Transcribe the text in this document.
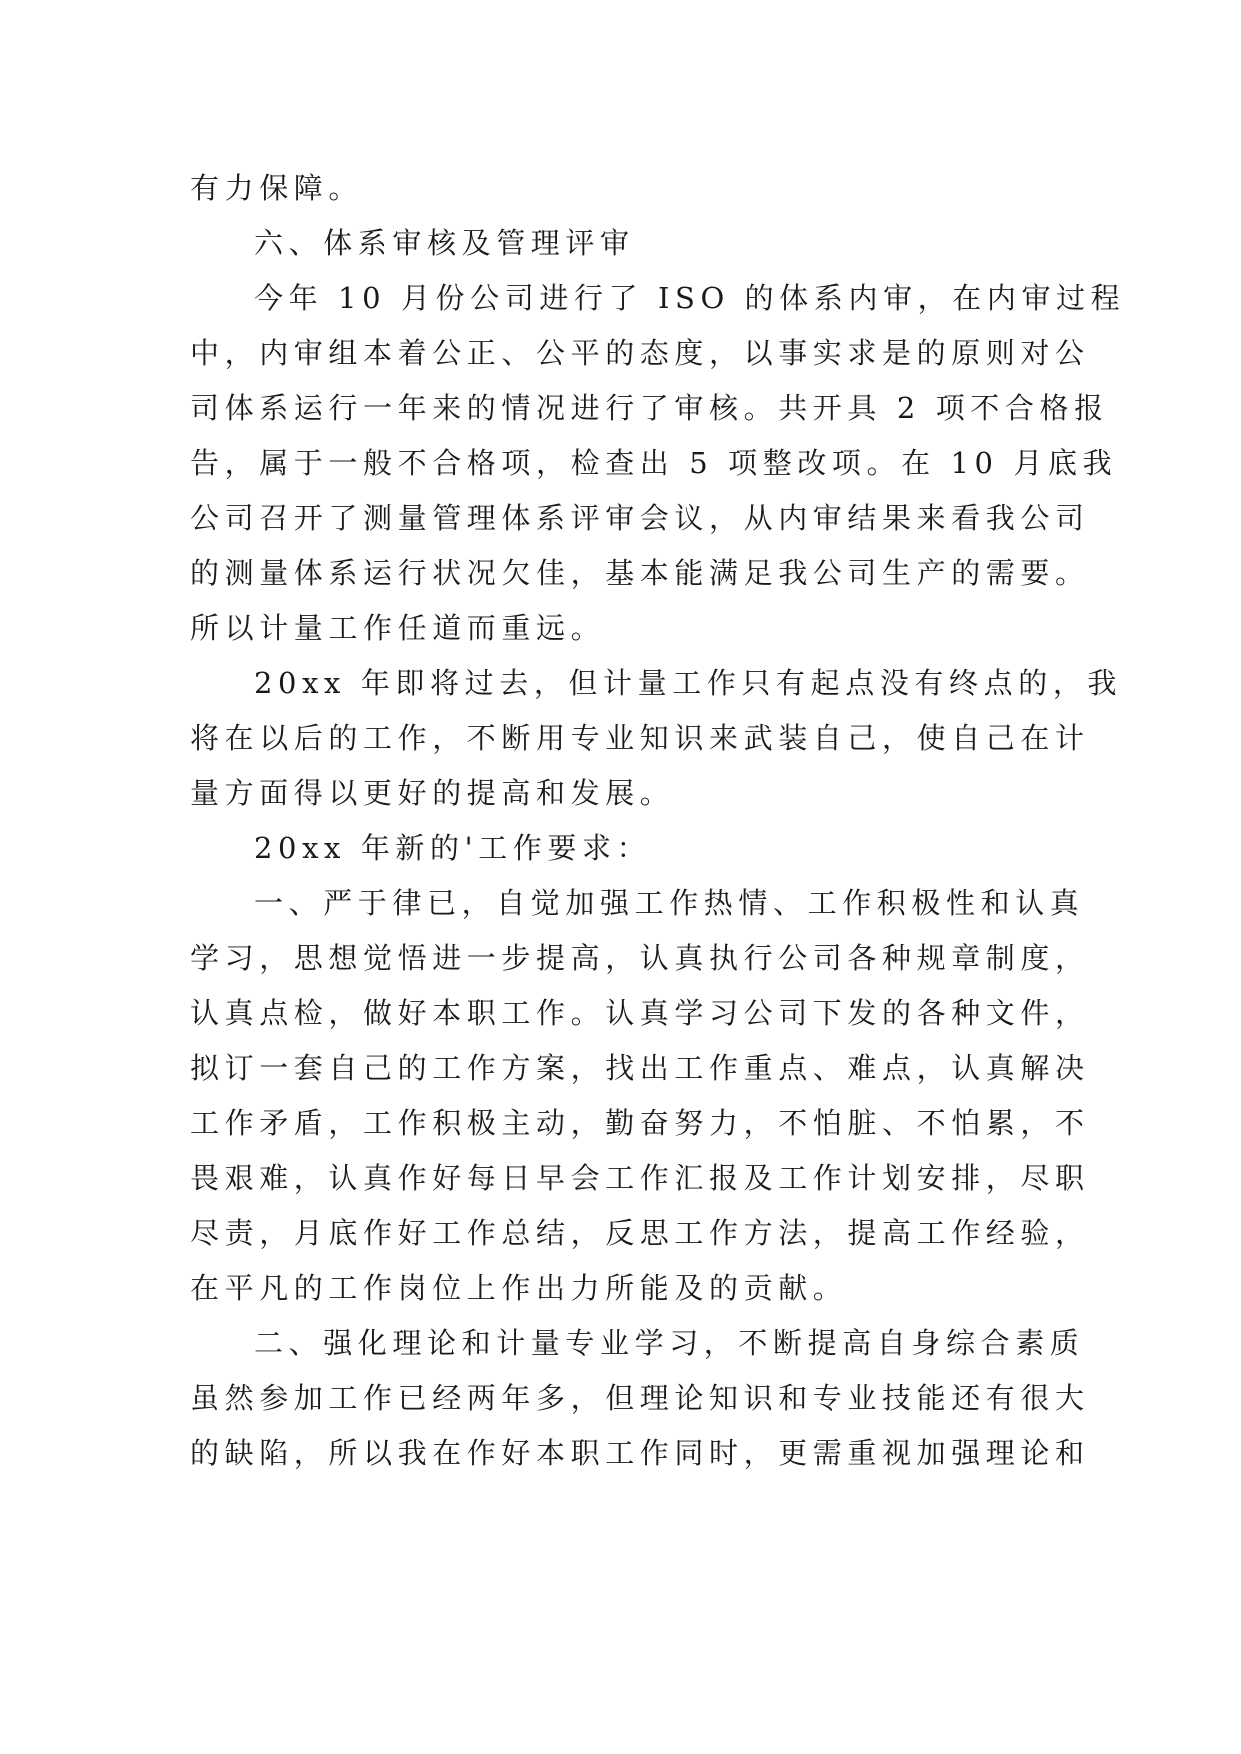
有力保障。
六、体系审核及管理评审
今年 10 月份公司进行了 ISO 的体系内审，在内审过程
中，内审组本着公正、公平的态度，以事实求是的原则对公
司体系运行一年来的情况进行了审核。共开具 2 项不合格报
告，属于一般不合格项，检查出 5 项整改项。在 10 月底我
公司召开了测量管理体系评审会议，从内审结果来看我公司
的测量体系运行状况欠佳，基本能满足我公司生产的需要。
所以计量工作任道而重远。
20xx 年即将过去，但计量工作只有起点没有终点的，我
将在以后的工作，不断用专业知识来武装自己，使自己在计
量方面得以更好的提高和发展。
20xx 年新的'工作要求：
一、严于律已，自觉加强工作热情、工作积极性和认真
学习，思想觉悟进一步提高，认真执行公司各种规章制度，
认真点检，做好本职工作。认真学习公司下发的各种文件，
拟订一套自己的工作方案，找出工作重点、难点，认真解决
工作矛盾，工作积极主动，勤奋努力，不怕脏、不怕累，不
畏艰难，认真作好每日早会工作汇报及工作计划安排，尽职
尽责，月底作好工作总结，反思工作方法，提高工作经验，
在平凡的工作岗位上作出力所能及的贡献。
二、强化理论和计量专业学习，不断提高自身综合素质
虽然参加工作已经两年多，但理论知识和专业技能还有很大
的缺陷，所以我在作好本职工作同时，更需重视加强理论和
